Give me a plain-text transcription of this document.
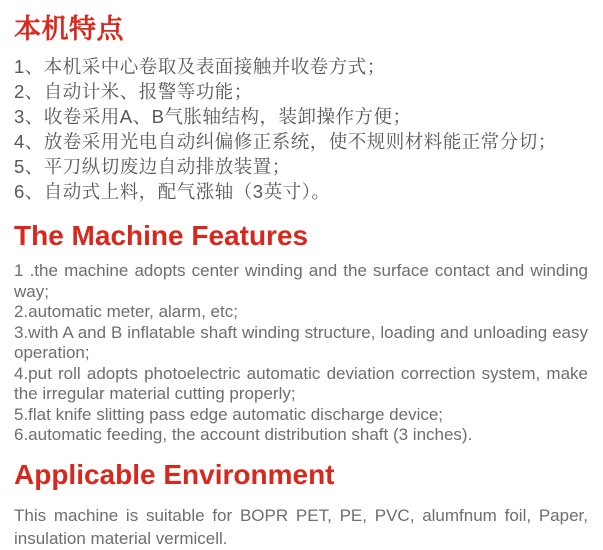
本机特点

1、本机采中心卷取及表面接触并收卷方式；

2、自动计米、报警等功能；

3、收卷采用A、B气胀轴结构，装卸操作方便；

4、放卷采用光电自动纠偏修正系统，使不规则材料能正常分切；

5、平刀纵切废边自动排放装置；

6、自动式上料，配气涨轴（3英寸）。

The Machine Features

1 .the machine adopts center winding and the surface contact and winding way;

2.automatic meter, alarm, etc;

3.with A and B inflatable shaft winding structure, loading and unloading easy operation;

4.put roll adopts photoelectric automatic deviation correction system, make the irregular material cutting properly;

5.flat knife slitting pass edge automatic discharge device;

6.automatic feeding, the account distribution shaft (3 inches).

Applicable Environment

This machine is suitable for BOPR PET, PE, PVC, alumfnum foil, Paper, insulation material vermicell.
